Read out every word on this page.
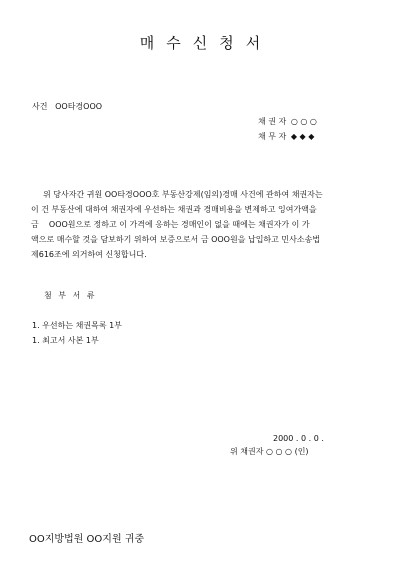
매수신청서
사건 OO타경OOO
채 권 자 ○ ○ ○
채 무 자 ◆ ◆ ◆
위 당사자간 귀원 OO타경OOO호 부동산강제(임의)경매 사건에 관하여 채권자는
이 건 부동산에 대하여 채권자에 우선하는 채권과 경매비용을 변제하고 잉여가액을
금    OOO원으로 정하고 이 가격에 응하는 경매인이 없을 때에는 채권자가 이 가
액으로 매수할 것을 담보하기 위하여 보증으로서 금 OOO원을 납입하고 민사소송법
제616조에 의거하여 신청합니다.
첨 부 서 류
1. 우선하는 채권목록 1부
1. 최고서 사본 1부
2000 . 0 . 0 .
위 채권자 ○ ○ ○ (인)
OO지방법원 OO지원 귀중
